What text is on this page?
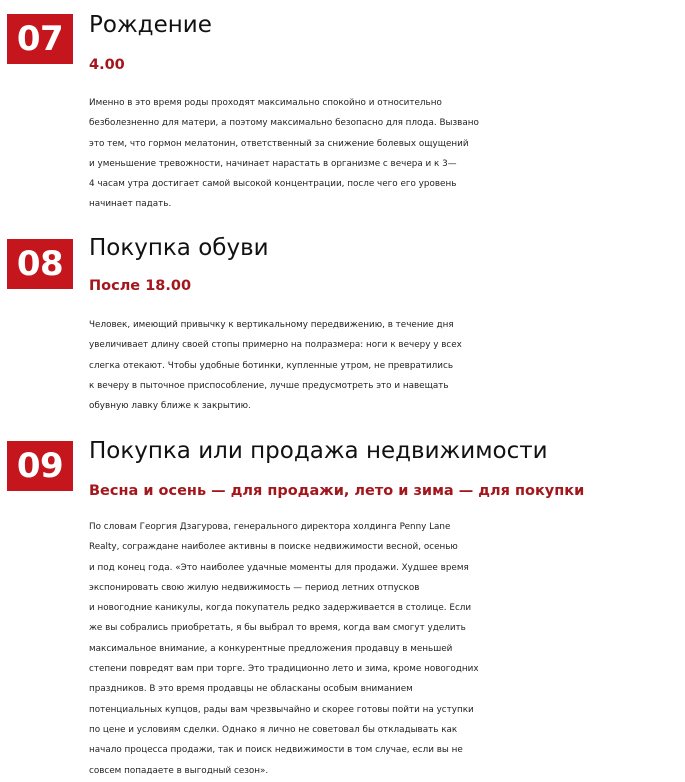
07	Рождение
4.00
Именно в это время роды проходят максимально спокойно и относительно
безболезненно для матери, а поэтому максимально безопасно для плода. Вызвано
это тем, что гормон мелатонин, ответственный за снижение болевых ощущений
и уменьшение тревожности, начинает нарастать в организме с вечера и к 3—
4 часам утра достигает самой высокой концентрации, после чего его уровень
начинает падать.
08	Покупка обуви
После 18.00
Человек, имеющий привычку к вертикальному передвижению, в течение дня
увеличивает длину своей стопы примерно на полразмера: ноги к вечеру у всех
слегка отекают. Чтобы удобные ботинки, купленные утром, не превратились
к вечеру в пыточное приспособление, лучше предусмотреть это и навещать
обувную лавку ближе к закрытию.
09	Покупка или продажа недвижимости
Весна и осень — для продажи, лето и зима — для покупки
По словам Георгия Дзагурова, генерального директора холдинга Penny Lane
Realty, сограждане наиболее активны в поиске недвижимости весной, осенью
и под конец года. «Это наиболее удачные моменты для продажи. Худшее время
экспонировать свою жилую недвижимость — период летних отпусков
и новогодние каникулы, когда покупатель редко задерживается в столице. Если
же вы собрались приобретать, я бы выбрал то время, когда вам смогут уделить
максимальное внимание, а конкурентные предложения продавцу в меньшей
степени повредят вам при торге. Это традиционно лето и зима, кроме новогодних
праздников. В это время продавцы не обласканы особым вниманием
потенциальных купцов, рады вам чрезвычайно и скорее готовы пойти на уступки
по цене и условиям сделки. Однако я лично не советовал бы откладывать как
начало процесса продажи, так и поиск недвижимости в том случае, если вы не
совсем попадаете в выгодный сезон».
